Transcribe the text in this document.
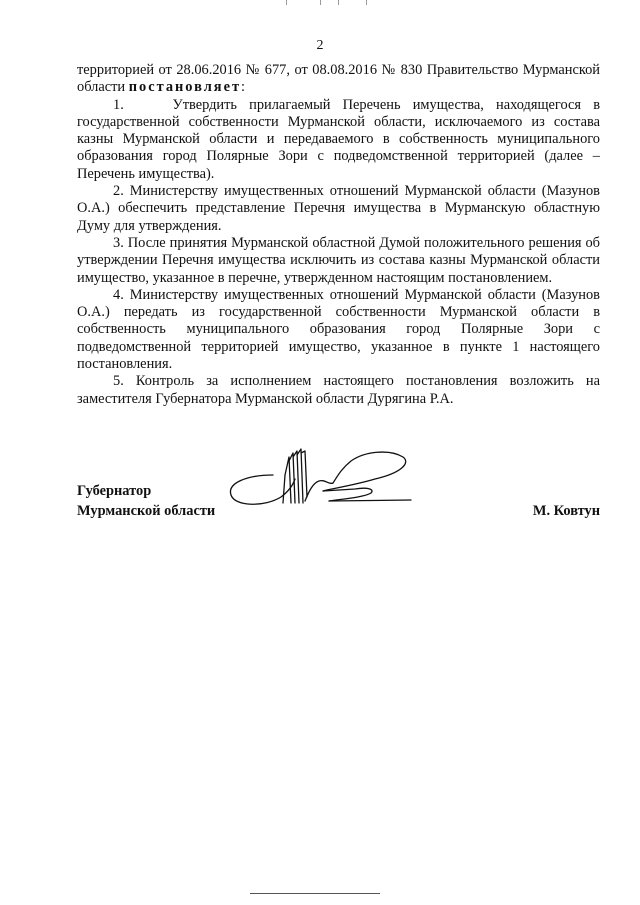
2

территорией от 28.06.2016 № 677, от 08.08.2016 № 830 Правительство Мурманской области постановляет:

1.	Утвердить прилагаемый Перечень имущества, находящегося в государственной собственности Мурманской области, исключаемого из состава казны Мурманской области и передаваемого в собственность муниципального образования город Полярные Зори с подведомственной территорией (далее – Перечень имущества).

2. Министерству имущественных отношений Мурманской области (Мазунов О.А.) обеспечить представление Перечня имущества в Мурманскую областную Думу для утверждения.

3. После принятия Мурманской областной Думой положительного решения об утверждении Перечня имущества исключить из состава казны Мурманской области имущество, указанное в перечне, утвержденном настоящим постановлением.

4. Министерству имущественных отношений Мурманской области (Мазунов О.А.) передать из государственной собственности Мурманской области в собственность муниципального образования город Полярные Зори с подведомственной территорией имущество, указанное в пункте 1 настоящего постановления.

5. Контроль за исполнением настоящего постановления возложить на заместителя Губернатора Мурманской области Дурягина Р.А.

Губернатор
Мурманской области	М. Ковтун
